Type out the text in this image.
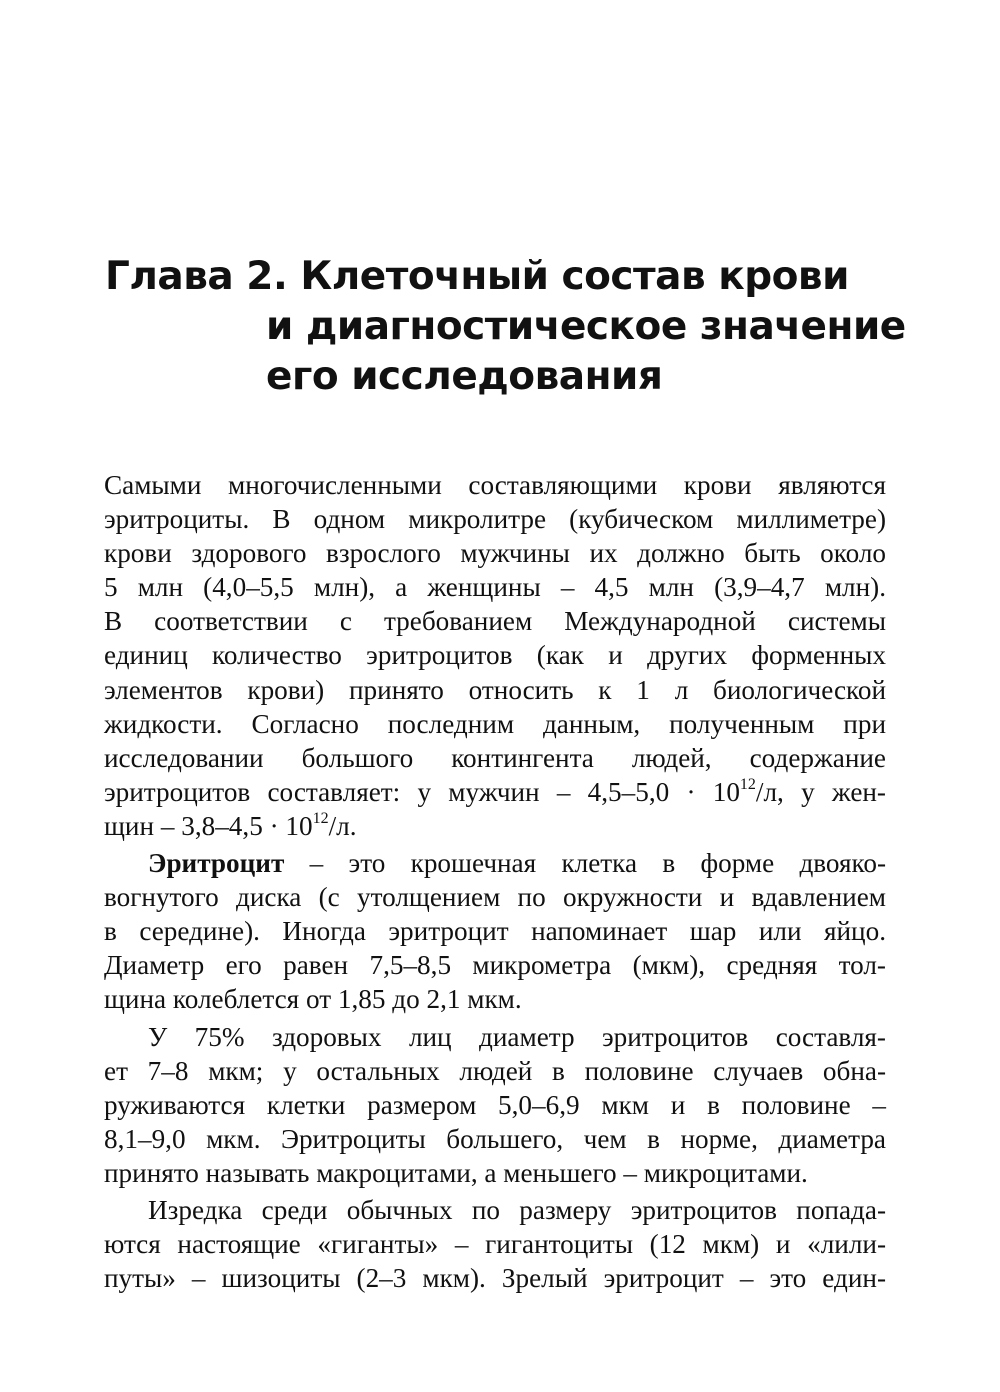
Глава 2. Клеточный состав крови
и диагностическое значение
его исследования

Самыми многочисленными составляющими крови являются
эритроциты. В одном микролитре (кубическом миллиметре)
крови здорового взрослого мужчины их должно быть около
5 млн (4,0–5,5 млн), а женщины – 4,5 млн (3,9–4,7 млн).
В соответствии с требованием Международной системы
единиц количество эритроцитов (как и других форменных
элементов крови) принято относить к 1 л биологической
жидкости. Согласно последним данным, полученным при
исследовании большого контингента людей, содержание
эритроцитов составляет: у мужчин – $4,5-5,0 \cdot 10^{12}/л$, у жен-
щин – $3,8-4,5 \cdot 10^{12}/л$.

Эритроцит – это крошечная клетка в форме двояко-
вогнутого диска (с утолщением по окружности и вдавлением
в середине). Иногда эритроцит напоминает шар или яйцо.
Диаметр его равен 7,5–8,5 микрометра (мкм), средняя тол-
щина колеблется от 1,85 до 2,1 мкм.

У 75% здоровых лиц диаметр эритроцитов составля-
ет 7–8 мкм; у остальных людей в половине случаев обна-
руживаются клетки размером 5,0–6,9 мкм и в половине –
8,1–9,0 мкм. Эритроциты большего, чем в норме, диаметра
принято называть макроцитами, а меньшего – микроцитами.

Изредка среди обычных по размеру эритроцитов попада-
ются настоящие «гиганты» – гигантоциты (12 мкм) и «лили-
путы» – шизоциты (2–3 мкм). Зрелый эритроцит – это един-
